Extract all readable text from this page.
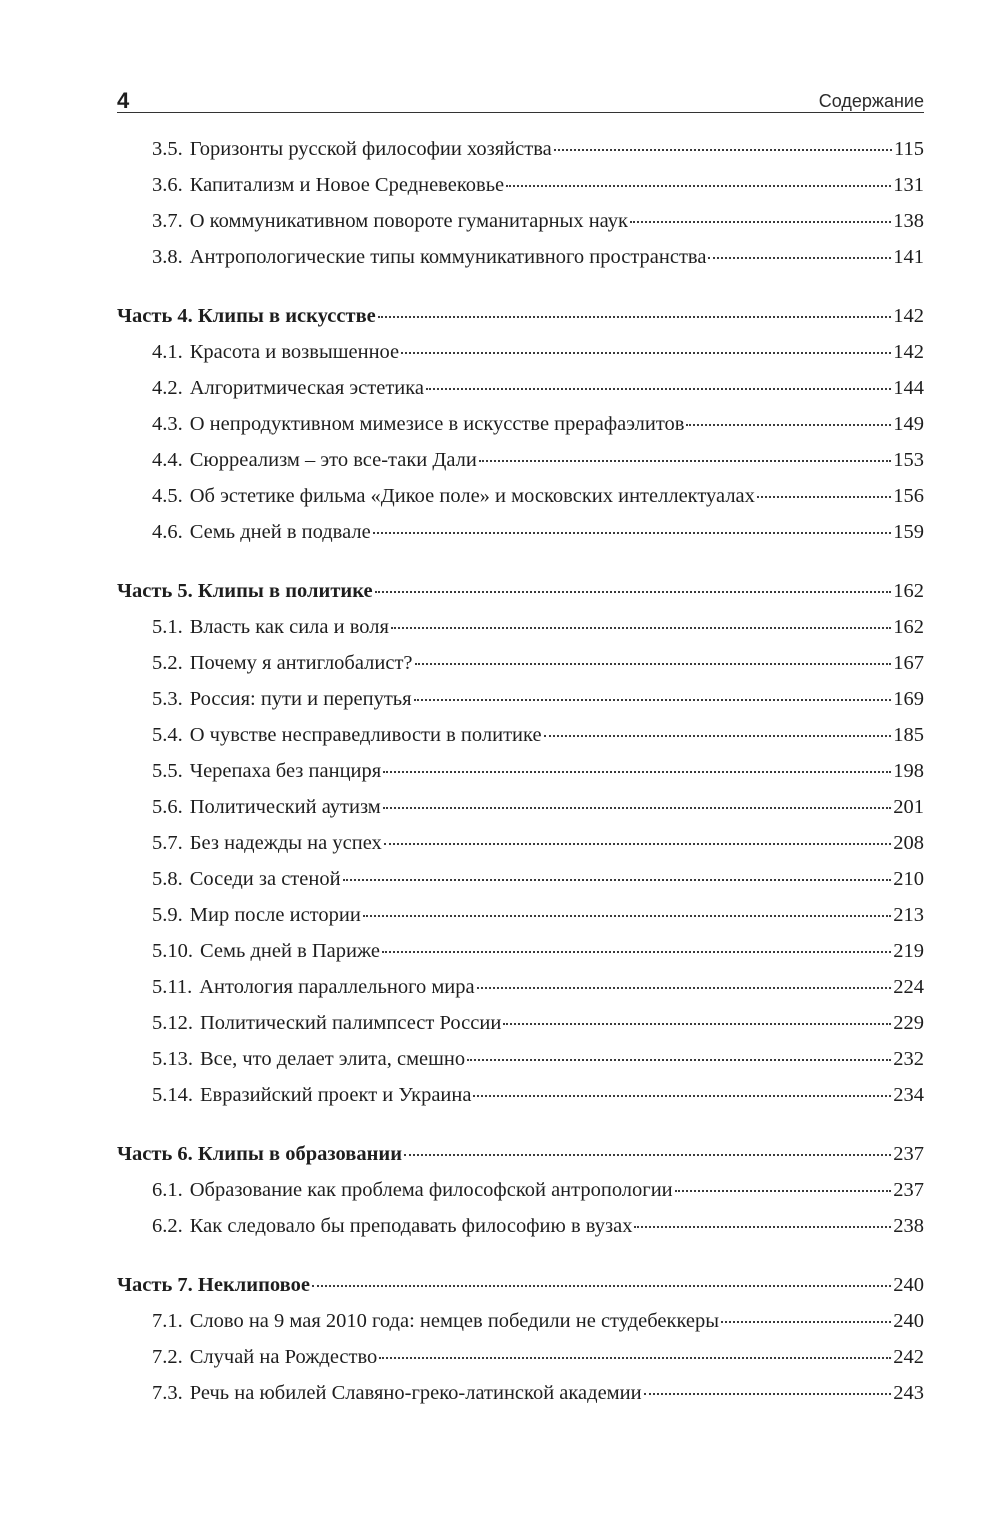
4	Содержание
3.5. Горизонты русской философии хозяйства	115
3.6. Капитализм и Новое Средневековье	131
3.7. О коммуникативном повороте гуманитарных наук	138
3.8. Антропологические типы коммуникативного пространства	141
Часть 4. Клипы в искусстве	142
4.1. Красота и возвышенное	142
4.2. Алгоритмическая эстетика	144
4.3. О непродуктивном мимезисе в искусстве прерафаэлитов	149
4.4. Сюрреализм – это все-таки Дали	153
4.5. Об эстетике фильма «Дикое поле» и московских интеллектуалах	156
4.6. Семь дней в подвале	159
Часть 5. Клипы в политике	162
5.1. Власть как сила и воля	162
5.2. Почему я антиглобалист?	167
5.3. Россия: пути и перепутья	169
5.4. О чувстве несправедливости в политике	185
5.5. Черепаха без панциря	198
5.6. Политический аутизм	201
5.7. Без надежды на успех	208
5.8. Соседи за стеной	210
5.9. Мир после истории	213
5.10. Семь дней в Париже	219
5.11. Антология параллельного мира	224
5.12. Политический палимпсест России	229
5.13. Все, что делает элита, смешно	232
5.14. Евразийский проект и Украина	234
Часть 6. Клипы в образовании	237
6.1. Образование как проблема философской антропологии	237
6.2. Как следовало бы преподавать философию в вузах	238
Часть 7. Неклиповое	240
7.1. Слово на 9 мая 2010 года: немцев победили не студебеккеры	240
7.2. Случай на Рождество	242
7.3. Речь на юбилей Славяно-греко-латинской академии	243
